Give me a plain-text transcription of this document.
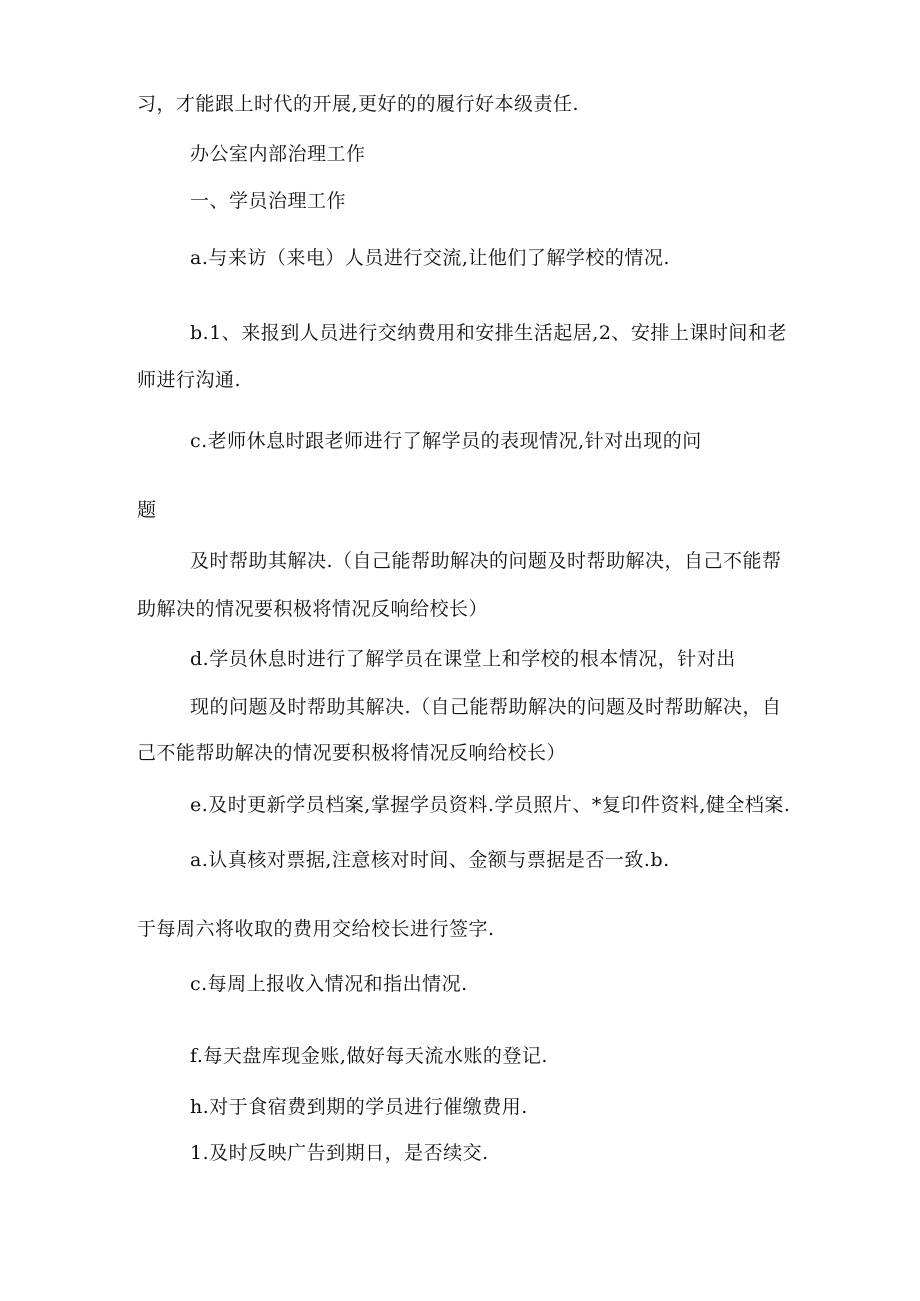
习，才能跟上时代的开展,更好的的履行好本级责任.
办公室内部治理工作
一、学员治理工作
a.与来访（来电）人员进行交流,让他们了解学校的情况.
b.1、来报到人员进行交纳费用和安排生活起居,2、安排上课时间和老
师进行沟通.
c.老师休息时跟老师进行了解学员的表现情况,针对出现的问
题
及时帮助其解决.（自己能帮助解决的问题及时帮助解决，自己不能帮
助解决的情况要积极将情况反响给校长）
d.学员休息时进行了解学员在课堂上和学校的根本情况，针对出
现的问题及时帮助其解决.（自己能帮助解决的问题及时帮助解决，自
己不能帮助解决的情况要积极将情况反响给校长）
e.及时更新学员档案,掌握学员资料.学员照片、*复印件资料,健全档案.
a.认真核对票据,注意核对时间、金额与票据是否一致.b.
于每周六将收取的费用交给校长进行签字.
c.每周上报收入情况和指出情况.
f.每天盘库现金账,做好每天流水账的登记.
h.对于食宿费到期的学员进行催缴费用.
1.及时反映广告到期日，是否续交.
